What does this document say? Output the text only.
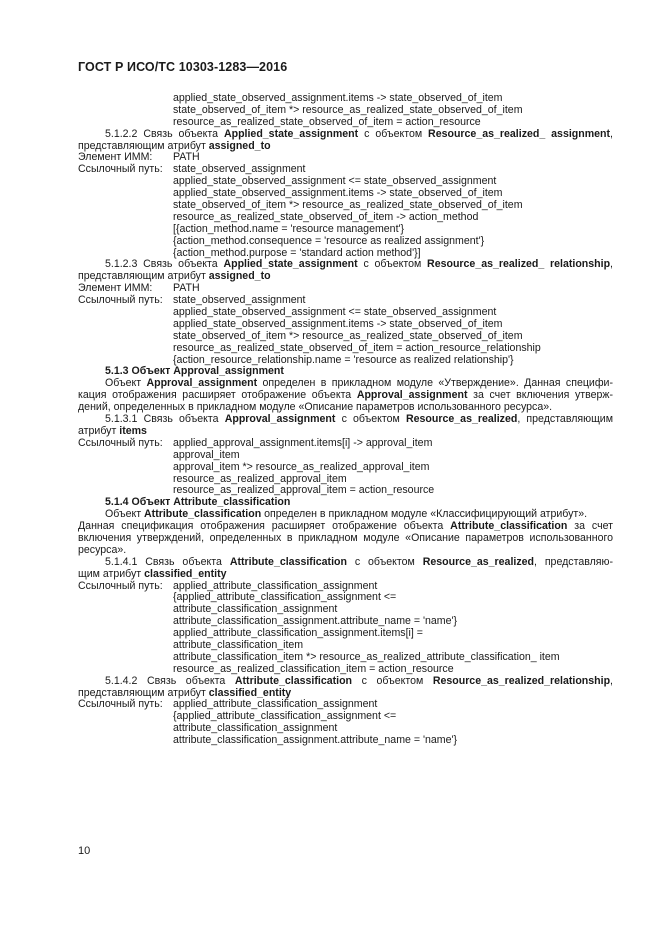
ГОСТ Р ИСО/ТС 10303-1283—2016
applied_state_observed_assignment.items -> state_observed_of_item
state_observed_of_item *> resource_as_realized_state_observed_of_item
resource_as_realized_state_observed_of_item = action_resource
5.1.2.2 Связь объекта Applied_state_assignment с объектом Resource_as_realized_ assignment,
представляющим атрибут assigned_to
Элемент ИММ: PATH
Ссылочный путь: state_observed_assignment
applied_state_observed_assignment <= state_observed_assignment
applied_state_observed_assignment.items -> state_observed_of_item
state_observed_of_item *> resource_as_realized_state_observed_of_item
resource_as_realized_state_observed_of_item -> action_method
[{action_method.name = 'resource management'}
{action_method.consequence = 'resource as realized assignment'}
{action_method.purpose = 'standard action method'}]
5.1.2.3 Связь объекта Applied_state_assignment с объектом Resource_as_realized_ relationship,
представляющим атрибут assigned_to
Элемент ИММ: PATH
Ссылочный путь: state_observed_assignment
applied_state_observed_assignment <= state_observed_assignment
applied_state_observed_assignment.items -> state_observed_of_item
state_observed_of_item *> resource_as_realized_state_observed_of_item
resource_as_realized_state_observed_of_item = action_resource_relationship
{action_resource_relationship.name = 'resource as realized relationship'}
5.1.3 Объект Approval_assignment
Объект Approval_assignment определен в прикладном модуле «Утверждение». Данная специфи-
кация отображения расширяет отображение объекта Approval_assignment за счет включения утверж-
дений, определенных в прикладном модуле «Описание параметров использованного ресурса».
5.1.3.1 Связь объекта Approval_assignment с объектом Resource_as_realized, представляющим
атрибут items
Ссылочный путь: applied_approval_assignment.items[i] -> approval_item
approval_item
approval_item *> resource_as_realized_approval_item
resource_as_realized_approval_item
resource_as_realized_approval_item = action_resource
5.1.4 Объект Attribute_classification
Объект Attribute_classification определен в прикладном модуле «Классифицирующий атрибут».
Данная спецификация отображения расширяет отображение объекта Attribute_classification за счет
включения утверждений, определенных в прикладном модуле «Описание параметров использованного
ресурса».
5.1.4.1 Связь объекта Attribute_classification с объектом Resource_as_realized, представляю-
щим атрибут classified_entity
Ссылочный путь: applied_attribute_classification_assignment
{applied_attribute_classification_assignment <=
attribute_classification_assignment
attribute_classification_assignment.attribute_name = 'name'}
applied_attribute_classification_assignment.items[i] =
attribute_classification_item
attribute_classification_item *> resource_as_realized_attribute_classification_ item
resource_as_realized_classification_item = action_resource
5.1.4.2 Связь объекта Attribute_classification с объектом Resource_as_realized_relationship,
представляющим атрибут classified_entity
Ссылочный путь: applied_attribute_classification_assignment
{applied_attribute_classification_assignment <=
attribute_classification_assignment
attribute_classification_assignment.attribute_name = 'name'}
10
